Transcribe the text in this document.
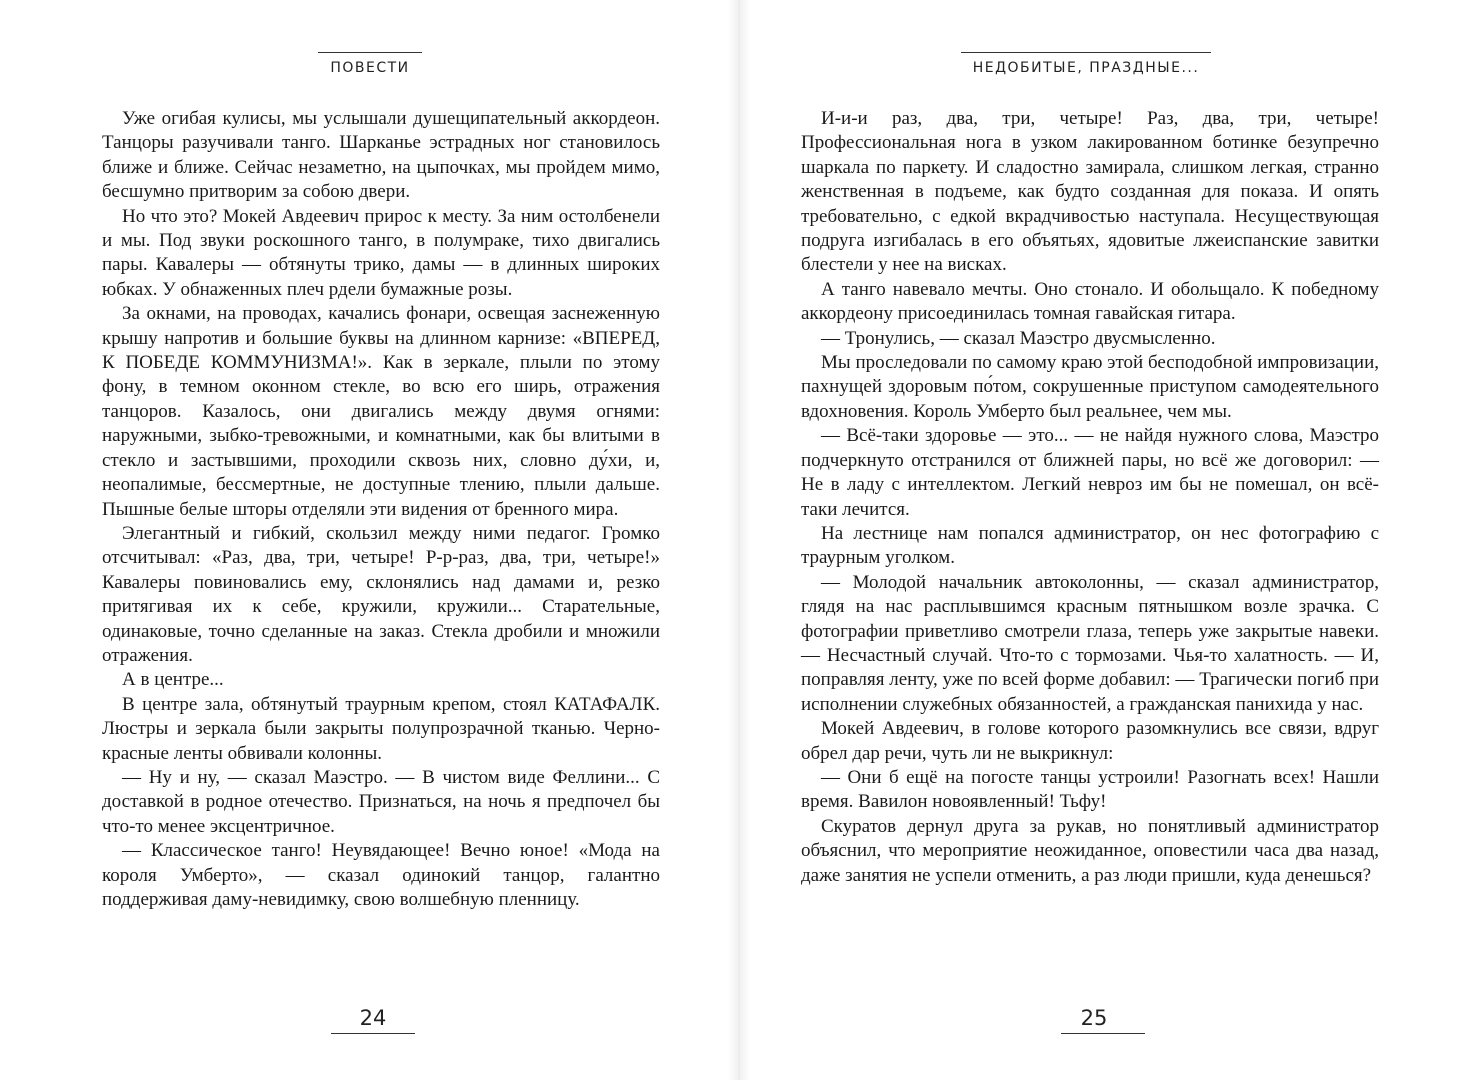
ПОВЕСТИ

Уже огибая кулисы, мы услышали душещипательный аккордеон. Танцоры разучивали танго. Шарканье эстрадных ног становилось ближе и ближе. Сейчас незаметно, на цыпочках, мы пройдем мимо, бесшумно притворим за собою двери.

Но что это? Мокей Авдеевич прирос к месту. За ним остолбенели и мы. Под звуки роскошного танго, в полумраке, тихо двигались пары. Кавалеры — обтянуты трико, дамы — в длинных широких юбках. У обнаженных плеч рдели бумажные розы.

За окнами, на проводах, качались фонари, освещая заснеженную крышу напротив и большие буквы на длинном карнизе: «ВПЕРЕД, К ПОБЕДЕ КОММУНИЗМА!». Как в зеркале, плыли по этому фону, в темном оконном стекле, во всю его ширь, отражения танцоров. Казалось, они двигались между двумя огнями: наружными, зыбко-тревожными, и комнатными, как бы влитыми в стекло и застывшими, проходили сквозь них, словно ду́хи, и, неопалимые, бессмертные, не доступные тлению, плыли дальше. Пышные белые шторы отделяли эти видения от бренного мира.

Элегантный и гибкий, скользил между ними педагог. Громко отсчитывал: «Раз, два, три, четыре! Р-р-раз, два, три, четыре!» Кавалеры повиновались ему, склонялись над дамами и, резко притягивая их к себе, кружили, кружили... Старательные, одинаковые, точно сделанные на заказ. Стекла дробили и множили отражения.

А в центре...

В центре зала, обтянутый траурным крепом, стоял КАТАФАЛК. Люстры и зеркала были закрыты полупрозрачной тканью. Черно-красные ленты обвивали колонны.

— Ну и ну, — сказал Маэстро. — В чистом виде Феллини... С доставкой в родное отечество. Признаться, на ночь я предпочел бы что-то менее эксцентричное.

— Классическое танго! Неувядающее! Вечно юное! «Мода на короля Умберто», — сказал одинокий танцор, галантно поддерживая даму-невидимку, свою волшебную пленницу.

24
НЕДОБИТЫЕ, ПРАЗДНЫЕ...

И-и-и раз, два, три, четыре! Раз, два, три, четыре! Профессиональная нога в узком лакированном ботинке безупречно шаркала по паркету. И сладостно замирала, слишком легкая, странно женственная в подъеме, как будто созданная для показа. И опять требовательно, с едкой вкрадчивостью наступала. Несуществующая подруга изгибалась в его объятьях, ядовитые лжеиспанские завитки блестели у нее на висках.

А танго навевало мечты. Оно стонало. И обольщало. К победному аккордеону присоединилась томная гавайская гитара.

— Тронулись, — сказал Маэстро двусмысленно.

Мы проследовали по самому краю этой бесподобной импровизации, пахнущей здоровым по́том, сокрушенные приступом самодеятельного вдохновения. Король Умберто был реальнее, чем мы.

— Всё-таки здоровье — это... — не найдя нужного слова, Маэстро подчеркнуто отстранился от ближней пары, но всё же договорил: — Не в ладу с интеллектом. Легкий невроз им бы не помешал, он всё-таки лечится.

На лестнице нам попался администратор, он нес фотографию с траурным уголком.

— Молодой начальник автоколонны, — сказал администратор, глядя на нас расплывшимся красным пятнышком возле зрачка. С фотографии приветливо смотрели глаза, теперь уже закрытые навеки. — Несчастный случай. Что-то с тормозами. Чья-то халатность. — И, поправляя ленту, уже по всей форме добавил: — Трагически погиб при исполнении служебных обязанностей, а гражданская панихида у нас.

Мокей Авдеевич, в голове которого разомкнулись все связи, вдруг обрел дар речи, чуть ли не выкрикнул:

— Они б ещё на погосте танцы устроили! Разогнать всех! Нашли время. Вавилон новоявленный! Тьфу!

Скуратов дернул друга за рукав, но понятливый администратор объяснил, что мероприятие неожиданное, оповестили часа два назад, даже занятия не успели отменить, а раз люди пришли, куда денешься?

25
